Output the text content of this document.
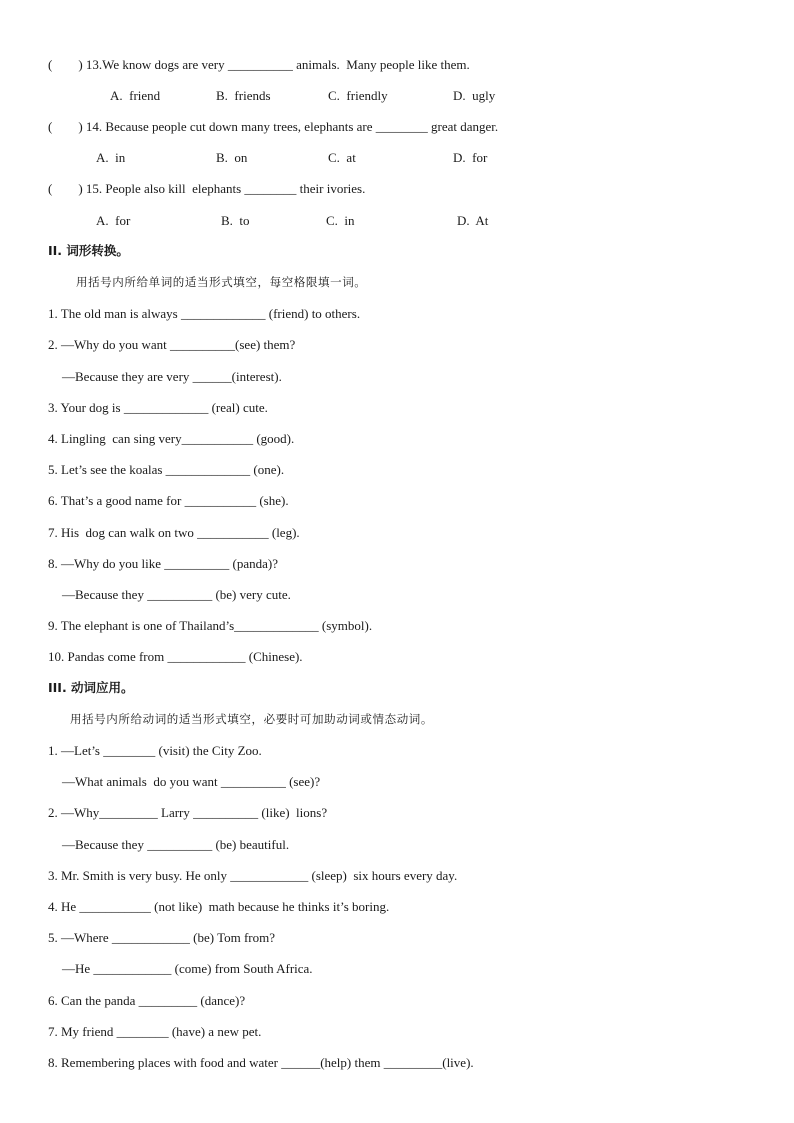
(        ) 13.We know dogs are very __________ animals.  Many people like them.
A.  friend	B.  friends	C.  friendly	D.  ugly
(        ) 14. Because people cut down many trees, elephants are ________ great danger.
A.  in	B.  on	C.  at	D.  for
(        ) 15. People also kill  elephants ________ their ivories.
A.  for	B.  to	C.  in	D.  At
II. 词形转换。
用括号内所给单词的适当形式填空，每空格限填一词。
1. The old man is always _____________ (friend) to others.
2. —Why do you want __________(see) them?
—Because they are very ______(interest).
3. Your dog is _____________ (real) cute.
4. Lingling  can sing very___________ (good).
5. Let’s see the koalas _____________ (one).
6. That’s a good name for ___________ (she).
7. His  dog can walk on two ___________ (leg).
8. —Why do you like __________ (panda)?
—Because they __________ (be) very cute.
9. The elephant is one of Thailand’s_____________ (symbol).
10. Pandas come from ____________ (Chinese).
III. 动词应用。
用括号内所给动词的适当形式填空，必要时可加助动词或情态动词。
1. —Let’s ________ (visit) the City Zoo.
—What animals  do you want __________ (see)?
2. —Why_________ Larry __________ (like)  lions?
—Because they __________ (be) beautiful.
3. Mr. Smith is very busy. He only ____________ (sleep)  six hours every day.
4. He ___________ (not like)  math because he thinks it’s boring.
5. —Where ____________ (be) Tom from?
—He ____________ (come) from South Africa.
6. Can the panda _________ (dance)?
7. My friend ________ (have) a new pet.
8. Remembering places with food and water ______(help) them _________(live).
